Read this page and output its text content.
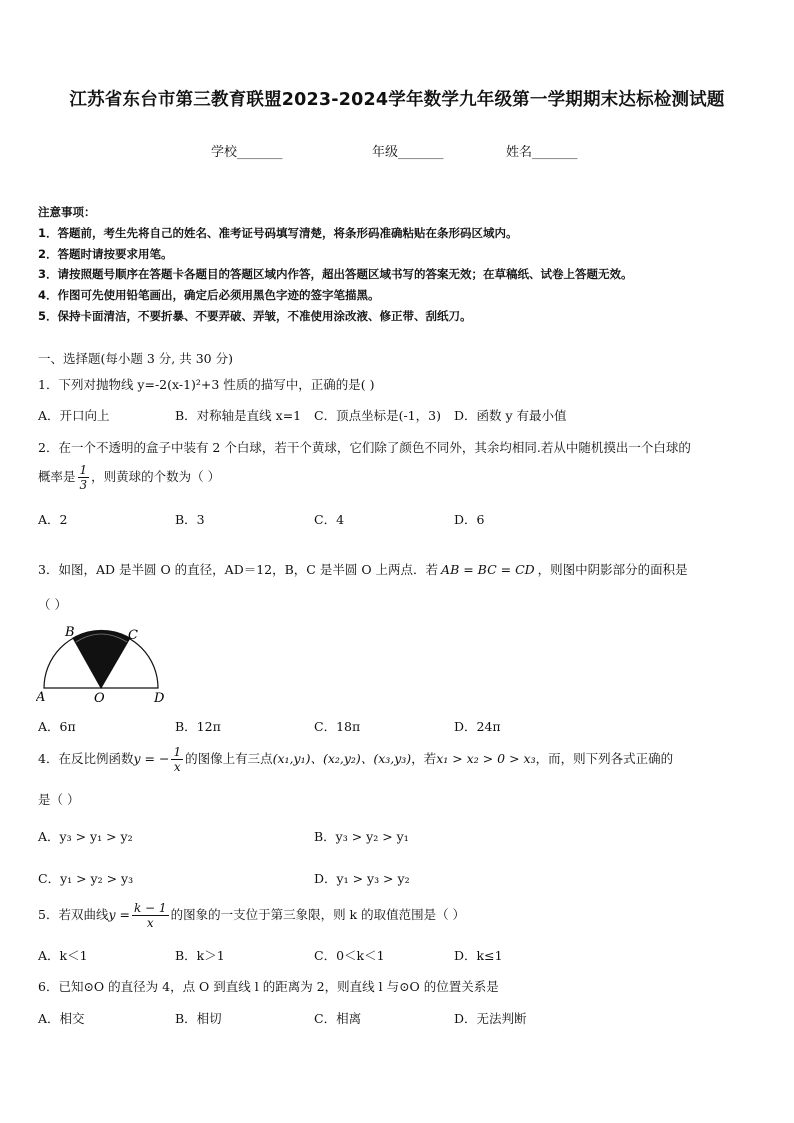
江苏省东台市第三教育联盟2023-2024学年数学九年级第一学期期末达标检测试题
学校_______	年级_______	姓名_______
注意事项：
1．答题前，考生先将自己的姓名、准考证号码填写清楚，将条形码准确粘贴在条形码区域内。
2．答题时请按要求用笔。
3．请按照题号顺序在答题卡各题目的答题区域内作答，超出答题区域书写的答案无效；在草稿纸、试卷上答题无效。
4．作图可先使用铅笔画出，确定后必须用黑色字迹的签字笔描黑。
5．保持卡面清洁，不要折暴、不要弄破、弄皱，不准使用涂改液、修正带、刮纸刀。
一、选择题(每小题 3 分, 共 30 分)
1．下列对抛物线 y=-2(x-1)²+3 性质的描写中，正确的是( )
A．开口向上	B．对称轴是直线 x=1 C．顶点坐标是(-1，3) D．函数 y 有最小值
2．在一个不透明的盒子中装有 2 个白球，若干个黄球，它们除了颜色不同外，其余均相同.若从中随机摸出一个白球的
概率是 $\frac{1}{3}$ ，则黄球的个数为（ ）
A．2	B．3	C．4	D．6
3．如图，AD 是半圆 O 的直径，AD＝12，B，C 是半圆 O 上两点．若 AB = BC = CD ，则图中阴影部分的面积是
（ ）
A
B	C
D
O
A．6π	B．12π	C．18π	D．24π
4．在反比例函数y = − $\frac{1}{x}$ 的图像上有三点(x₁,y₁)、(x₂,y₂)、(x₃,y₃)，若x₁ > x₂ > 0 > x₃，而，则下列各式正确的
是（ ）
A．y₃ > y₁ > y₂	B．y₃ > y₂ > y₁
C．y₁ > y₂ > y₃	D．y₁ > y₃ > y₂
5．若双曲线$y = \frac{k - 1}{x}$ 的图象的一支位于第三象限，则 k 的取值范围是（ ）
A．k＜1	B．k＞1	C．0＜k＜1	D．k≤1
6．已知⊙O 的直径为 4，点 O 到直线 l 的距离为 2，则直线 l 与⊙O 的位置关系是
A．相交	B．相切	C．相离	D．无法判断
